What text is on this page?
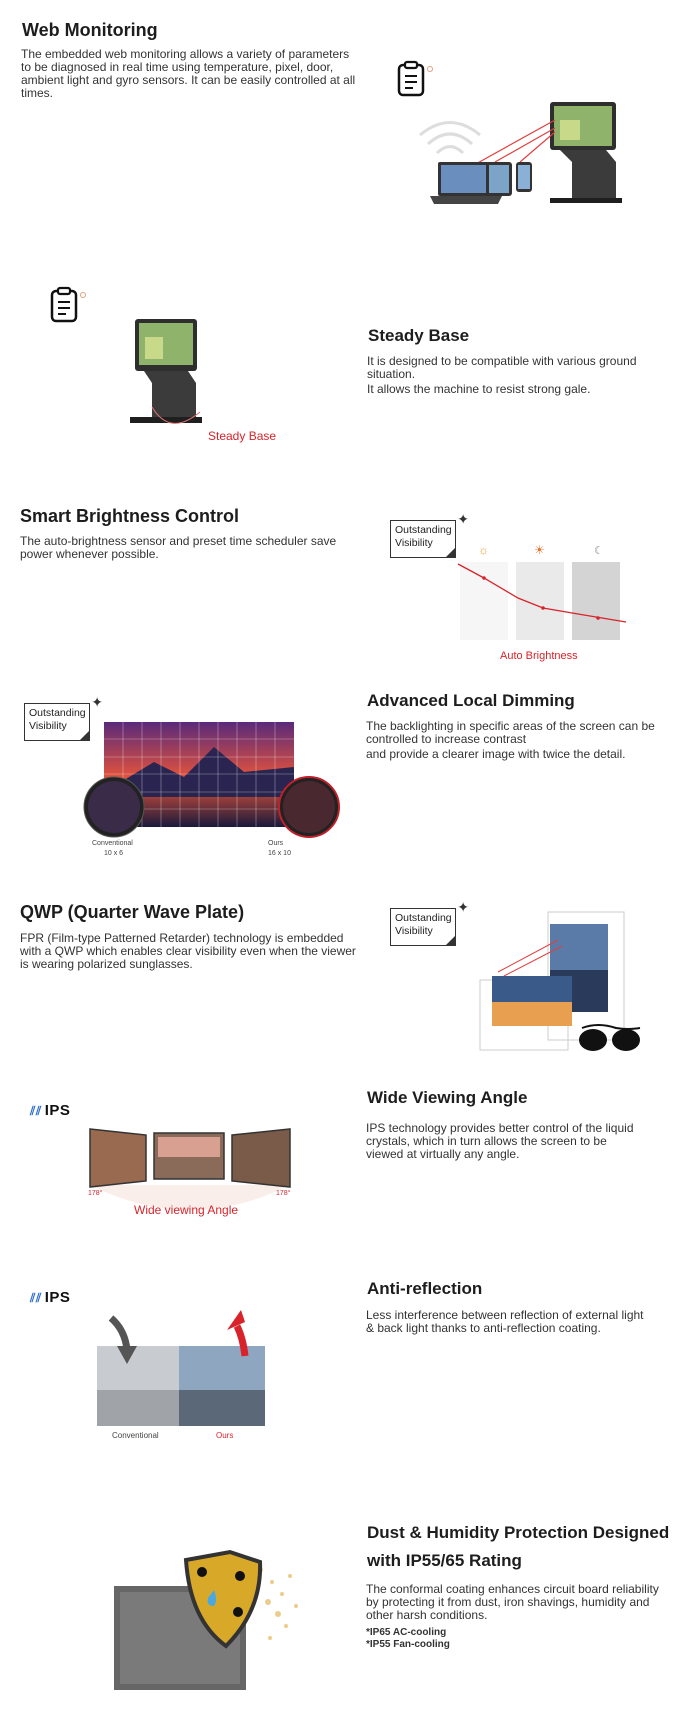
Web Monitoring

The embedded web monitoring allows a variety of parameters to be diagnosed in real time using temperature, pixel, door, ambient light and gyro sensors. It can be easily controlled at all times.

Steady Base
Steady Base

It is designed to be compatible with various ground situation.

It allows the machine to resist strong gale.

Smart Brightness Control

The auto-brightness sensor and preset time scheduler save power whenever possible.

Outstanding
Visibility
✦
☼	☀	☾
Auto Brightness
Outstanding
Visibility
✦
Conventional
10 x 6
Ours
16 x 10
Advanced Local Dimming

The backlighting in specific areas of the screen can be controlled to increase contrast

and provide a clearer image with twice the detail.

QWP (Quarter Wave Plate)

FPR (Film-type Patterned Retarder) technology is embedded with a QWP which enables clear visibility even when the viewer is wearing polarized sunglasses.

Outstanding
Visibility
✦
⫽⫽ IPS
178°	178°
Wide viewing Angle
Wide Viewing Angle

IPS technology provides better control of the liquid crystals, which in turn allows the screen to be viewed at virtually any angle.

⫽⫽ IPS
Conventional	Ours
Anti-reflection

Less interference between reflection of external light & back light thanks to anti-reflection coating.

Dust & Humidity Protection Designed
with IP55/65 Rating

The conformal coating enhances circuit board reliability by protecting it from dust, iron shavings, humidity and other harsh conditions.

*IP65 AC-cooling
*IP55 Fan-cooling
